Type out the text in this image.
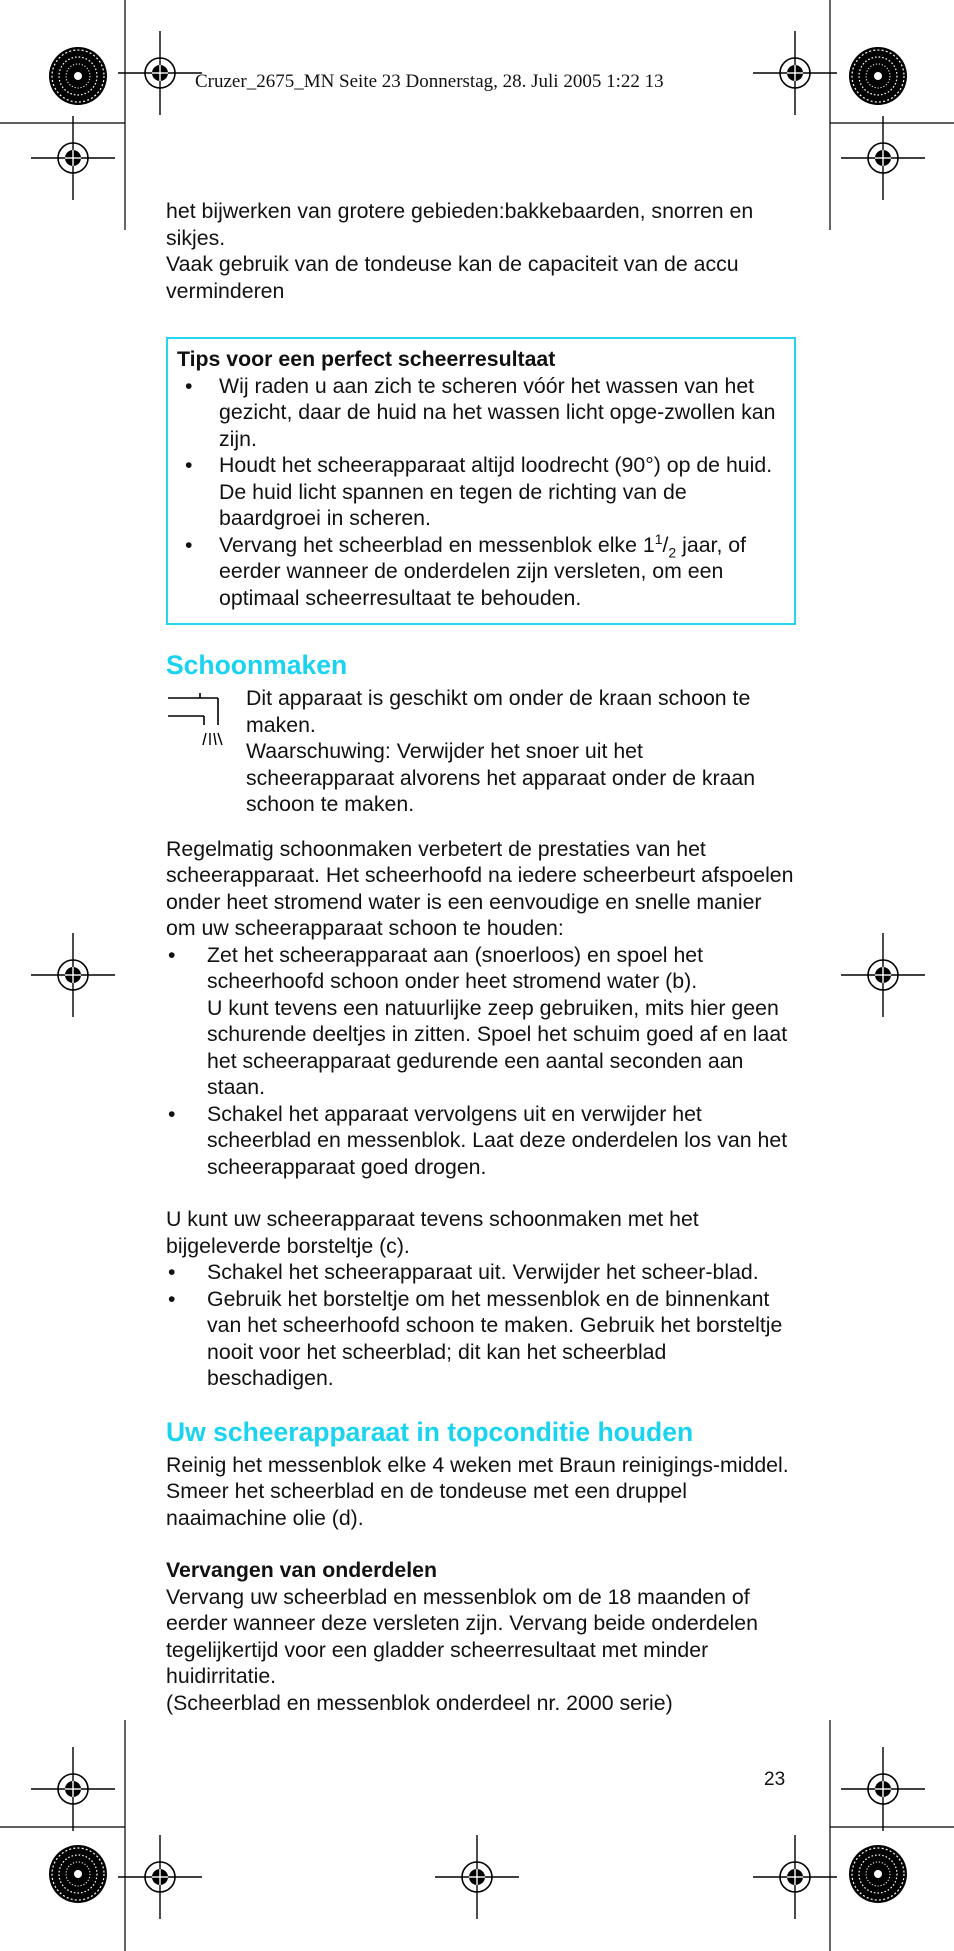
Cruzer_2675_MN Seite 23 Donnerstag, 28. Juli 2005 1:22 13

het bijwerken van grotere gebieden:bakkebaarden, snorren en sikjes.

Vaak gebruik van de tondeuse kan de capaciteit van de accu verminderen

Tips voor een perfect scheerresultaat
• Wij raden u aan zich te scheren vóór het wassen van het gezicht, daar de huid na het wassen licht opge-zwollen kan zijn.
• Houdt het scheerapparaat altijd loodrecht (90°) op de huid. De huid licht spannen en tegen de richting van de baardgroei in scheren.
• Vervang het scheerblad en messenblok elke $1^1/_2$ jaar, of eerder wanneer de onderdelen zijn versleten, om een optimaal scheerresultaat te behouden.
Schoonmaken

Dit apparaat is geschikt om onder de kraan schoon te maken.

Waarschuwing: Verwijder het snoer uit het scheerapparaat alvorens het apparaat onder de kraan schoon te maken.

Regelmatig schoonmaken verbetert de prestaties van het scheerapparaat. Het scheerhoofd na iedere scheerbeurt afspoelen onder heet stromend water is een eenvoudige en snelle manier om uw scheerapparaat schoon te houden:

• Zet het scheerapparaat aan (snoerloos) en spoel het scheerhoofd schoon onder heet stromend water (b).
U kunt tevens een natuurlijke zeep gebruiken, mits hier geen schurende deeltjes in zitten. Spoel het schuim goed af en laat het scheerapparaat gedurende een aantal seconden aan staan.
• Schakel het apparaat vervolgens uit en verwijder het scheerblad en messenblok. Laat deze onderdelen los van het scheerapparaat goed drogen.

U kunt uw scheerapparaat tevens schoonmaken met het bijgeleverde borsteltje (c).

• Schakel het scheerapparaat uit. Verwijder het scheer-blad.
• Gebruik het borsteltje om het messenblok en de binnenkant van het scheerhoofd schoon te maken. Gebruik het borsteltje nooit voor het scheerblad; dit kan het scheerblad beschadigen.
Uw scheerapparaat in topconditie houden

Reinig het messenblok elke 4 weken met Braun reinigings-middel. Smeer het scheerblad en de tondeuse met een druppel naaimachine olie (d).

Vervangen van onderdelen

Vervang uw scheerblad en messenblok om de 18 maanden of eerder wanneer deze versleten zijn. Vervang beide onderdelen tegelijkertijd voor een gladder scheerresultaat met minder huidirritatie.

(Scheerblad en messenblok onderdeel nr. 2000 serie)

23
